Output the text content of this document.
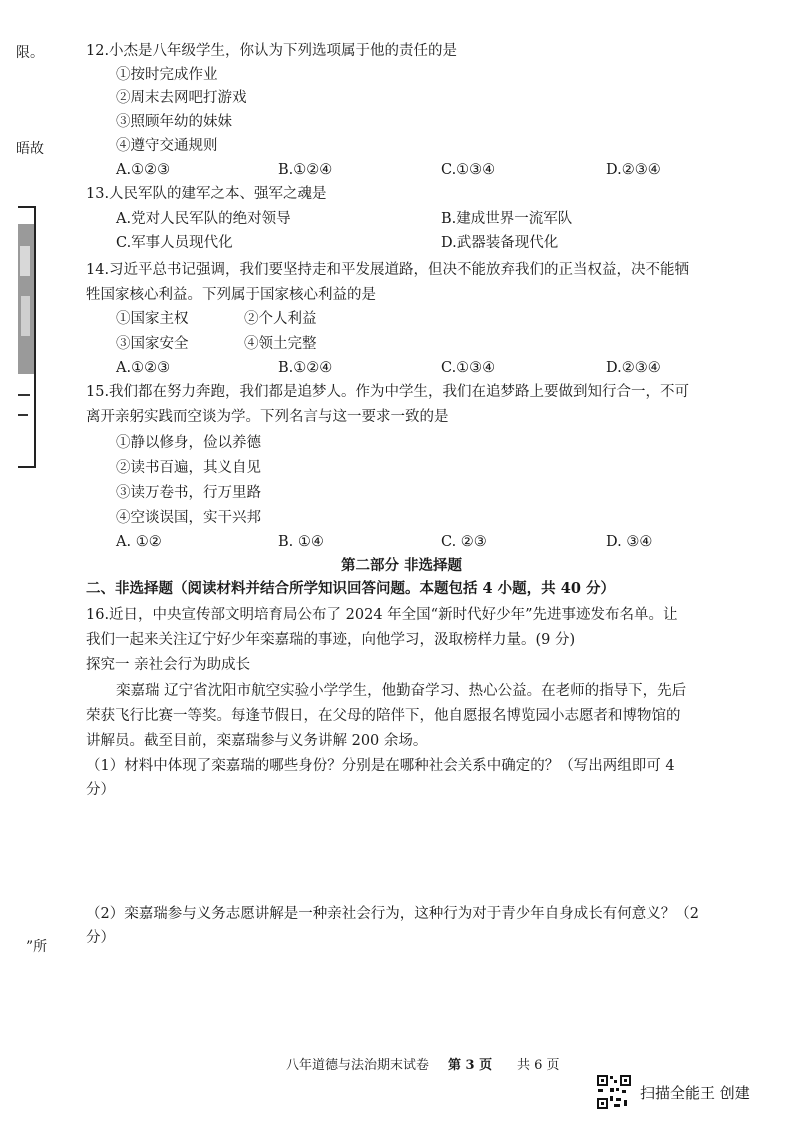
限。
晤故
”所
12.小杰是八年级学生，你认为下列选项属于他的责任的是
①按时完成作业
②周末去网吧打游戏
③照顾年幼的妹妹
④遵守交通规则
A.①②③	B.①②④	C.①③④	D.②③④
13.人民军队的建军之本、强军之魂是
A.党对人民军队的绝对领导	B.建成世界一流军队
C.军事人员现代化	D.武器装备现代化
14.习近平总书记强调，我们要坚持走和平发展道路，但决不能放弃我们的正当权益，决不能牺
牲国家核心利益。下列属于国家核心利益的是
①国家主权	②个人利益
③国家安全	④领土完整
A.①②③	B.①②④	C.①③④	D.②③④
15.我们都在努力奔跑，我们都是追梦人。作为中学生，我们在追梦路上要做到知行合一，不可
离开亲躬实践而空谈为学。下列名言与这一要求一致的是
①静以修身，俭以养德
②读书百遍，其义自见
③读万卷书，行万里路
④空谈误国，实干兴邦
A. ①②	B. ①④	C. ②③	D. ③④
第二部分 非选择题
二、非选择题（阅读材料并结合所学知识回答问题。本题包括 4 小题，共 40 分）
16.近日，中央宣传部文明培育局公布了 2024 年全国“新时代好少年”先进事迹发布名单。让
我们一起来关注辽宁好少年栾嘉瑞的事迹，向他学习，汲取榜样力量。(9 分)
探究一 亲社会行为助成长
栾嘉瑞 辽宁省沈阳市航空实验小学学生，他勤奋学习、热心公益。在老师的指导下，先后
荣获飞行比赛一等奖。每逢节假日，在父母的陪伴下，他自愿报名博览园小志愿者和博物馆的
讲解员。截至目前，栾嘉瑞参与义务讲解 200 余场。
（1）材料中体现了栾嘉瑞的哪些身份？分别是在哪种社会关系中确定的？（写出两组即可 4
分）
（2）栾嘉瑞参与义务志愿讲解是一种亲社会行为，这种行为对于青少年自身成长有何意义？（2
分）
八年道德与法治期末试卷 第 3 页 共 6 页
扫描全能王 创建
